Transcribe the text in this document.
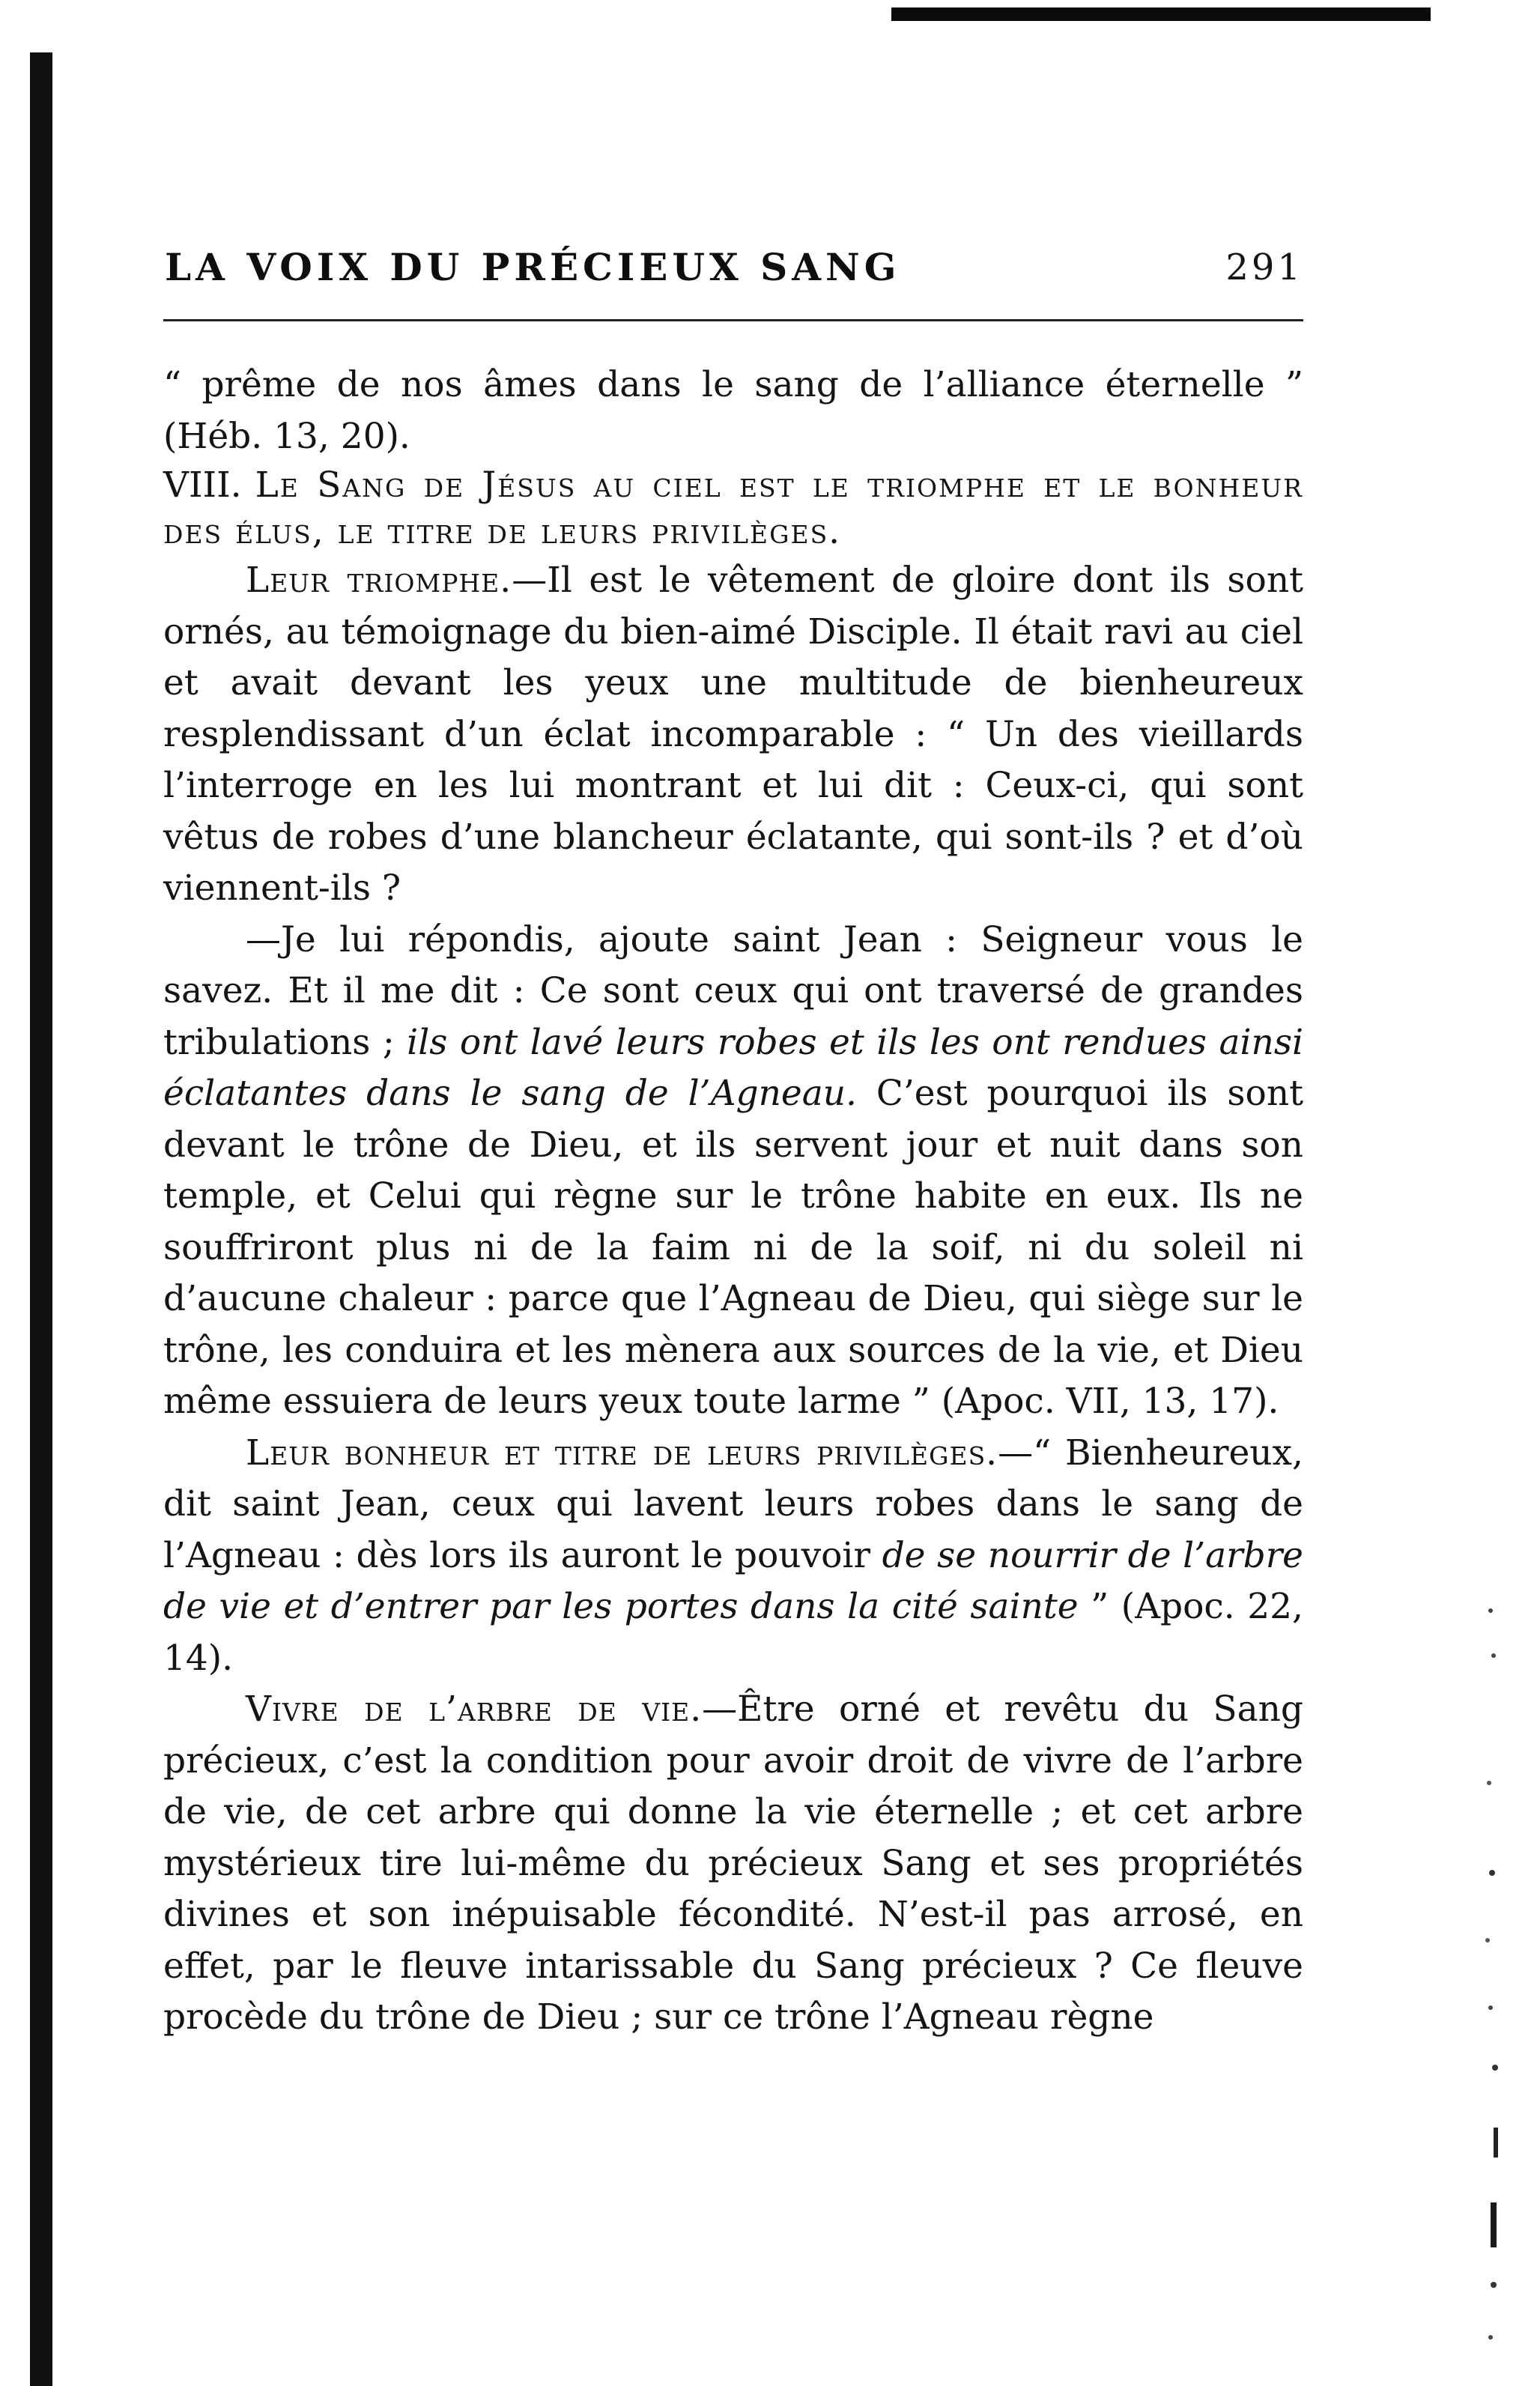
LA VOIX DU PRÉCIEUX SANG	291

“ prême de nos âmes dans le sang de l’alliance éternelle ” (Héb. 13, 20).

VIII. Le Sang de Jésus au ciel est le triomphe et le bonheur des élus, le titre de leurs privilèges.

Leur triomphe.—Il est le vêtement de gloire dont ils sont ornés, au témoignage du bien-aimé Disciple. Il était ravi au ciel et avait devant les yeux une multitude de bienheureux resplendissant d’un éclat incomparable : “ Un des vieillards l’interroge en les lui montrant et lui dit : Ceux-ci, qui sont vêtus de robes d’une blancheur éclatante, qui sont-ils ? et d’où viennent-ils ?

—Je lui répondis, ajoute saint Jean : Seigneur vous le savez. Et il me dit : Ce sont ceux qui ont traversé de grandes tribulations ; ils ont lavé leurs robes et ils les ont rendues ainsi éclatantes dans le sang de l’Agneau. C’est pourquoi ils sont devant le trône de Dieu, et ils servent jour et nuit dans son temple, et Celui qui règne sur le trône habite en eux. Ils ne souffriront plus ni de la faim ni de la soif, ni du soleil ni d’aucune chaleur : parce que l’Agneau de Dieu, qui siège sur le trône, les conduira et les mènera aux sources de la vie, et Dieu même essuiera de leurs yeux toute larme ” (Apoc. VII, 13, 17).

Leur bonheur et titre de leurs privilèges.—“ Bienheureux, dit saint Jean, ceux qui lavent leurs robes dans le sang de l’Agneau : dès lors ils auront le pouvoir de se nourrir de l’arbre de vie et d’entrer par les portes dans la cité sainte ” (Apoc. 22, 14).

Vivre de l’arbre de vie.—Être orné et revêtu du Sang précieux, c’est la condition pour avoir droit de vivre de l’arbre de vie, de cet arbre qui donne la vie éternelle ; et cet arbre mystérieux tire lui-même du précieux Sang et ses propriétés divines et son inépuisable fécondité. N’est-il pas arrosé, en effet, par le fleuve intarissable du Sang précieux ? Ce fleuve procède du trône de Dieu ; sur ce trône l’Agneau règne
